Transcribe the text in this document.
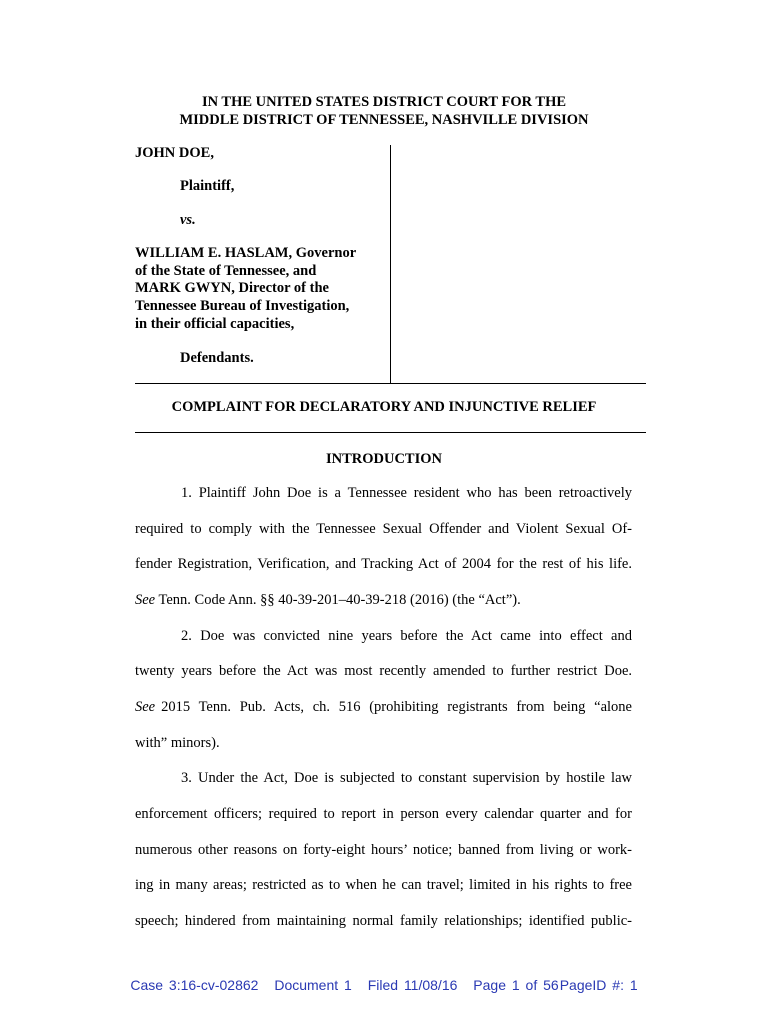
IN THE UNITED STATES DISTRICT COURT FOR THE
MIDDLE DISTRICT OF TENNESSEE, NASHVILLE DIVISION
JOHN DOE,
Plaintiff,
vs.
WILLIAM E. HASLAM, Governor
of the State of Tennessee, and
MARK GWYN, Director of the
Tennessee Bureau of Investigation,
in their official capacities,
Defendants.
COMPLAINT FOR DECLARATORY AND INJUNCTIVE RELIEF
INTRODUCTION
1. Plaintiff John Doe is a Tennessee resident who has been retroactively
required to comply with the Tennessee Sexual Offender and Violent Sexual Of-
fender Registration, Verification, and Tracking Act of 2004 for the rest of his life.
See Tenn. Code Ann. §§ 40-39-201–40-39-218 (2016) (the “Act”).
2. Doe was convicted nine years before the Act came into effect and
twenty years before the Act was most recently amended to further restrict Doe.
See 2015 Tenn. Pub. Acts, ch. 516 (prohibiting registrants from being “alone
with” minors).
3. Under the Act, Doe is subjected to constant supervision by hostile law
enforcement officers; required to report in person every calendar quarter and for
numerous other reasons on forty-eight hours’ notice; banned from living or work-
ing in many areas; restricted as to when he can travel; limited in his rights to free
speech; hindered from maintaining normal family relationships; identified public-
Case 3:16-cv-02862 Document 1 Filed 11/08/16 Page 1 of 56PageID #: 1
